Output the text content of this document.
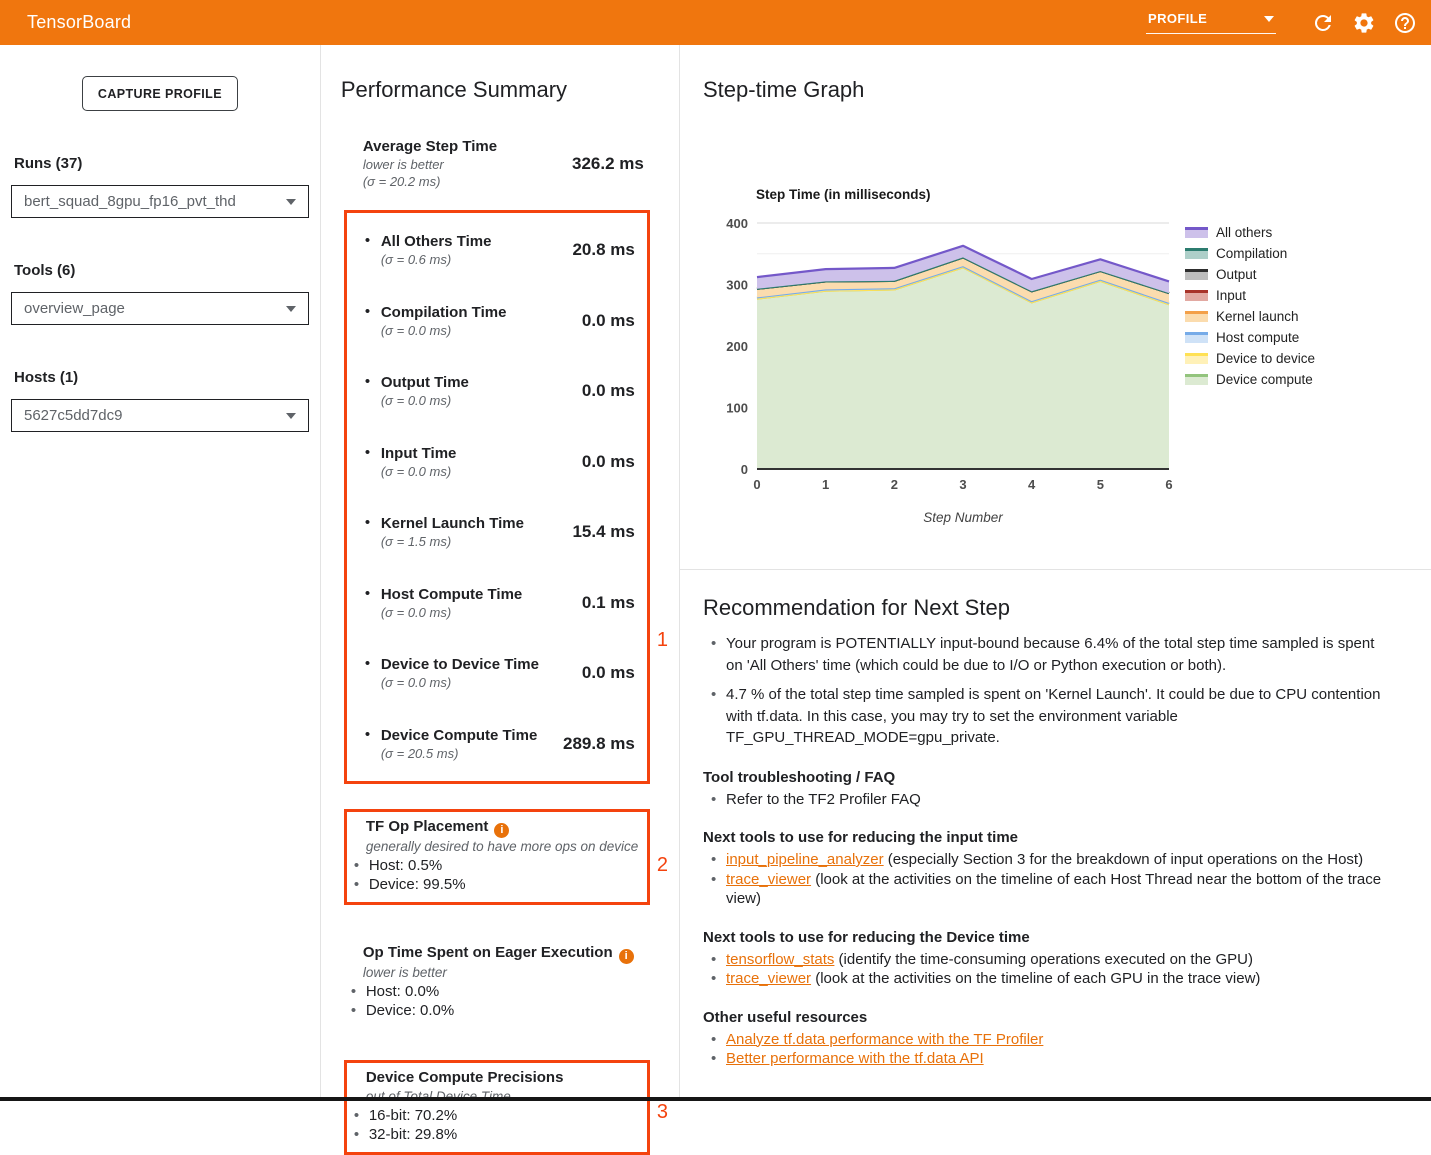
TensorBoard	PROFILE
CAPTURE PROFILE
Runs (37)
bert_squad_8gpu_fp16_pvt_thd
Tools (6)
overview_page
Hosts (1)
5627c5dd7dc9
Performance Summary
Average Step Time
lower is better
(σ = 20.2 ms)
326.2 ms
1
• All Others Time
(σ = 0.6 ms)
20.8 ms
• Compilation Time
(σ = 0.0 ms)
0.0 ms
• Output Time
(σ = 0.0 ms)
0.0 ms
• Input Time
(σ = 0.0 ms)
0.0 ms
• Kernel Launch Time
(σ = 1.5 ms)
15.4 ms
• Host Compute Time
(σ = 0.0 ms)
0.1 ms
• Device to Device Time
(σ = 0.0 ms)
0.0 ms
• Device Compute Time
(σ = 20.5 ms)
289.8 ms
2
TF Op Placement i
generally desired to have more ops on device
• Host: 0.5%
• Device: 99.5%
Op Time Spent on Eager Execution i
lower is better
• Host: 0.0%
• Device: 0.0%
3
Device Compute Precisions
• 16-bit: 70.2%
• 32-bit: 29.8%
Step-time Graph
0
100
200
300
400
0	1	2	3	4	5	6
Step Time (in milliseconds)
Step Number
All others
Compilation
Output
Input
Kernel launch
Host compute
Device to device
Device compute
Recommendation for Next Step
• Your program is POTENTIALLY input-bound because 6.4% of the total step time sampled is spent on 'All Others' time (which could be due to I/O or Python execution or both).
• 4.7 % of the total step time sampled is spent on 'Kernel Launch'. It could be due to CPU contention with tf.data. In this case, you may try to set the environment variable TF_GPU_THREAD_MODE=gpu_private.
Tool troubleshooting / FAQ
• Refer to the TF2 Profiler FAQ
Next tools to use for reducing the input time
• input_pipeline_analyzer (especially Section 3 for the breakdown of input operations on the Host)
• trace_viewer (look at the activities on the timeline of each Host Thread near the bottom of the trace view)
Next tools to use for reducing the Device time
• tensorflow_stats (identify the time-consuming operations executed on the GPU)
• trace_viewer (look at the activities on the timeline of each GPU in the trace view)
Other useful resources
• Analyze tf.data performance with the TF Profiler
• Better performance with the tf.data API
